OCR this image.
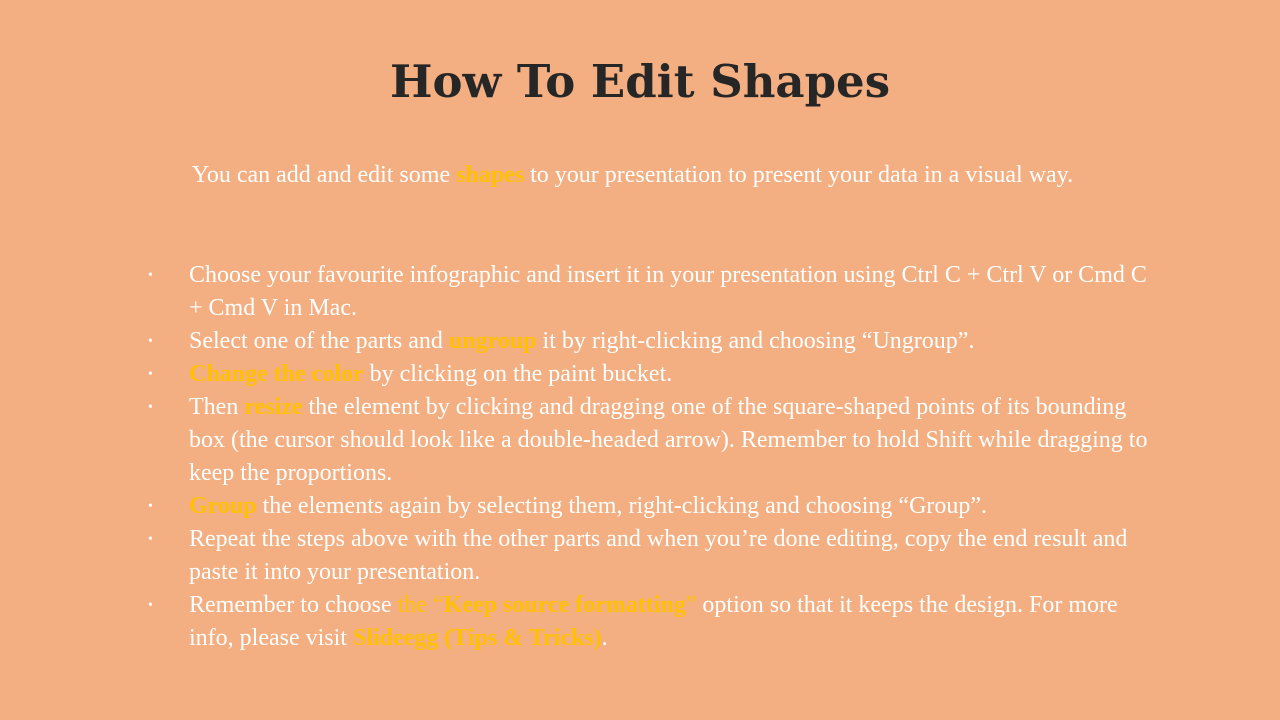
How To Edit Shapes

You can add and edit some shapes to your presentation to present your data in a visual way.

• Choose your favourite infographic and insert it in your presentation using Ctrl C + Ctrl V or Cmd C + Cmd V in Mac.
• Select one of the parts and ungroup it by right-clicking and choosing “Ungroup”.
• Change the color by clicking on the paint bucket.
• Then resize the element by clicking and dragging one of the square-shaped points of its bounding box (the cursor should look like a double-headed arrow). Remember to hold Shift while dragging to keep the proportions.
• Group the elements again by selecting them, right-clicking and choosing “Group”.
• Repeat the steps above with the other parts and when you’re done editing, copy the end result and paste it into your presentation.
• Remember to choose the “Keep source formatting” option so that it keeps the design. For more info, please visit Slideegg (Tips & Tricks).
